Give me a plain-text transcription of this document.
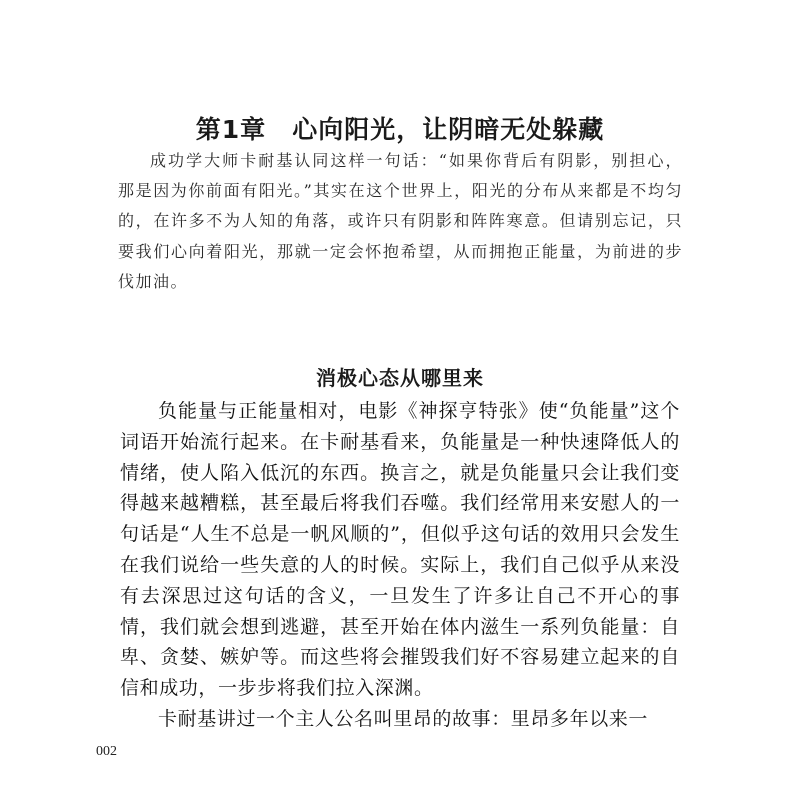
第1章 心向阳光，让阴暗无处躲藏

成功学大师卡耐基认同这样一句话：“如果你背后有阴影，别担心，那是因为你前面有阳光。”其实在这个世界上，阳光的分布从来都是不均匀的，在许多不为人知的角落，或许只有阴影和阵阵寒意。但请别忘记，只要我们心向着阳光，那就一定会怀抱希望，从而拥抱正能量，为前进的步伐加油。

消极心态从哪里来

负能量与正能量相对，电影《神探亨特张》使“负能量”这个词语开始流行起来。在卡耐基看来，负能量是一种快速降低人的情绪，使人陷入低沉的东西。换言之，就是负能量只会让我们变得越来越糟糕，甚至最后将我们吞噬。我们经常用来安慰人的一句话是“人生不总是一帆风顺的”，但似乎这句话的效用只会发生在我们说给一些失意的人的时候。实际上，我们自己似乎从来没有去深思过这句话的含义，一旦发生了许多让自己不开心的事情，我们就会想到逃避，甚至开始在体内滋生一系列负能量：自卑、贪婪、嫉妒等。而这些将会摧毁我们好不容易建立起来的自信和成功，一步步将我们拉入深渊。

卡耐基讲过一个主人公名叫里昂的故事：里昂多年以来一

002
